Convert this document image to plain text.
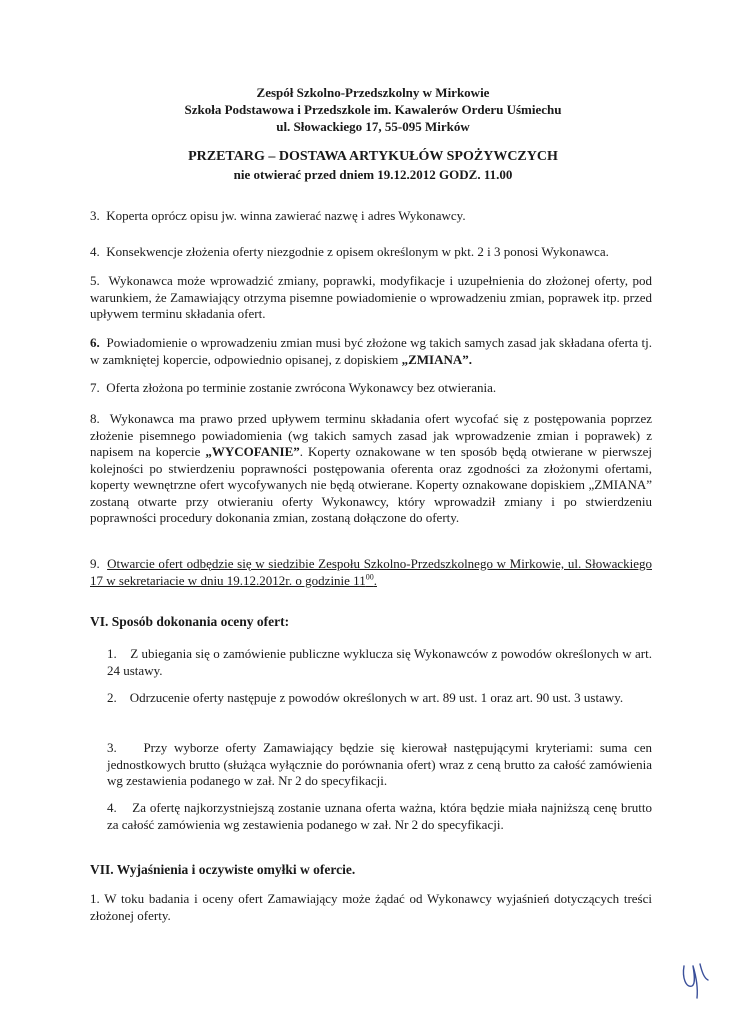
Zespół Szkolno-Przedszkolny w Mirkowie
Szkoła Podstawowa i Przedszkole im. Kawalerów Orderu Uśmiechu
ul. Słowackiego 17, 55-095 Mirków
PRZETARG – DOSTAWA ARTYKUŁÓW SPOŻYWCZYCH
nie otwierać przed dniem 19.12.2012 GODZ. 11.00
3. Koperta oprócz opisu jw. winna zawierać nazwę i adres Wykonawcy.
4. Konsekwencje złożenia oferty niezgodnie z opisem określonym w pkt. 2 i 3 ponosi Wykonawca.
5. Wykonawca może wprowadzić zmiany, poprawki, modyfikacje i uzupełnienia do złożonej oferty, pod warunkiem, że Zamawiający otrzyma pisemne powiadomienie o wprowadzeniu zmian, poprawek itp. przed upływem terminu składania ofert.
6. Powiadomienie o wprowadzeniu zmian musi być złożone wg takich samych zasad jak składana oferta tj. w zamkniętej kopercie, odpowiednio opisanej, z dopiskiem „ZMIANA”.
7. Oferta złożona po terminie zostanie zwrócona Wykonawcy bez otwierania.
8. Wykonawca ma prawo przed upływem terminu składania ofert wycofać się z postępowania poprzez złożenie pisemnego powiadomienia (wg takich samych zasad jak wprowadzenie zmian i poprawek) z napisem na kopercie „WYCOFANIE”. Koperty oznakowane w ten sposób będą otwierane w pierwszej kolejności po stwierdzeniu poprawności postępowania oferenta oraz zgodności za złożonymi ofertami, koperty wewnętrzne ofert wycofywanych nie będą otwierane. Koperty oznakowane dopiskiem „ZMIANA” zostaną otwarte przy otwieraniu oferty Wykonawcy, który wprowadził zmiany i po stwierdzeniu poprawności procedury dokonania zmian, zostaną dołączone do oferty.
9. Otwarcie ofert odbędzie się w siedzibie Zespołu Szkolno-Przedszkolnego w Mirkowie, ul. Słowackiego 17 w sekretariacie w dniu 19.12.2012r. o godzinie $11^{00}$.
VI. Sposób dokonania oceny ofert:
1. Z ubiegania się o zamówienie publiczne wyklucza się Wykonawców z powodów określonych w art. 24 ustawy.
2. Odrzucenie oferty następuje z powodów określonych w art. 89 ust. 1 oraz art. 90 ust. 3 ustawy.
3. Przy wyborze oferty Zamawiający będzie się kierował następującymi kryteriami: suma cen jednostkowych brutto (służąca wyłącznie do porównania ofert) wraz z ceną brutto za całość zamówienia wg zestawienia podanego w zał. Nr 2 do specyfikacji.
4. Za ofertę najkorzystniejszą zostanie uznana oferta ważna, która będzie miała najniższą cenę brutto za całość zamówienia wg zestawienia podanego w zał. Nr 2 do specyfikacji.
VII. Wyjaśnienia i oczywiste omyłki w ofercie.
1. W toku badania i oceny ofert Zamawiający może żądać od Wykonawcy wyjaśnień dotyczących treści złożonej oferty.
